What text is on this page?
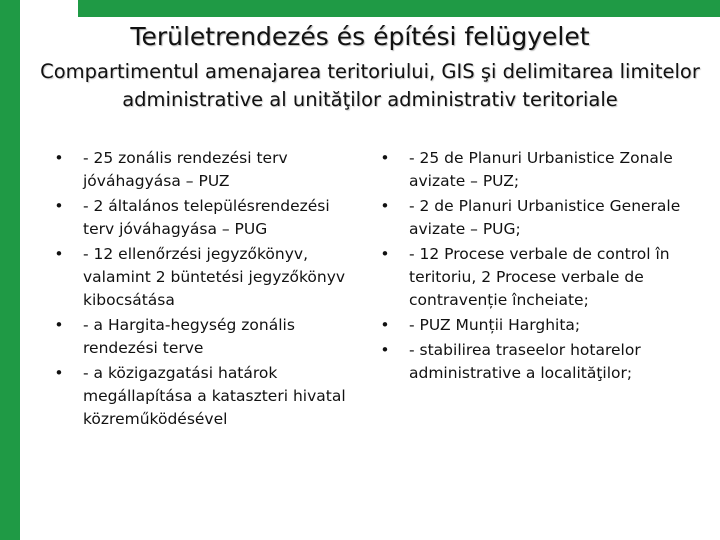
Területrendezés és építési felügyelet
Compartimentul amenajarea teritoriului, GIS şi delimitarea limitelor administrative al unităţilor administrativ teritoriale
• - 25 zonális rendezési terv jóváhagyása – PUZ
• - 2 általános településrendezési terv jóváhagyása – PUG
• - 12 ellenőrzési jegyzőkönyv, valamint 2 büntetési jegyzőkönyv kibocsátása
• - a Hargita-hegység zonális rendezési terve
• - a közigazgatási határok megállapítása a kataszteri hivatal közreműködésével
• - 25 de Planuri Urbanistice Zonale avizate – PUZ;
• - 2 de Planuri Urbanistice Generale avizate – PUG;
• - 12 Procese verbale de control în teritoriu, 2 Procese verbale de contravenție încheiate;
• - PUZ Munții Harghita;
• - stabilirea traseelor hotarelor administrative a localităţilor;
